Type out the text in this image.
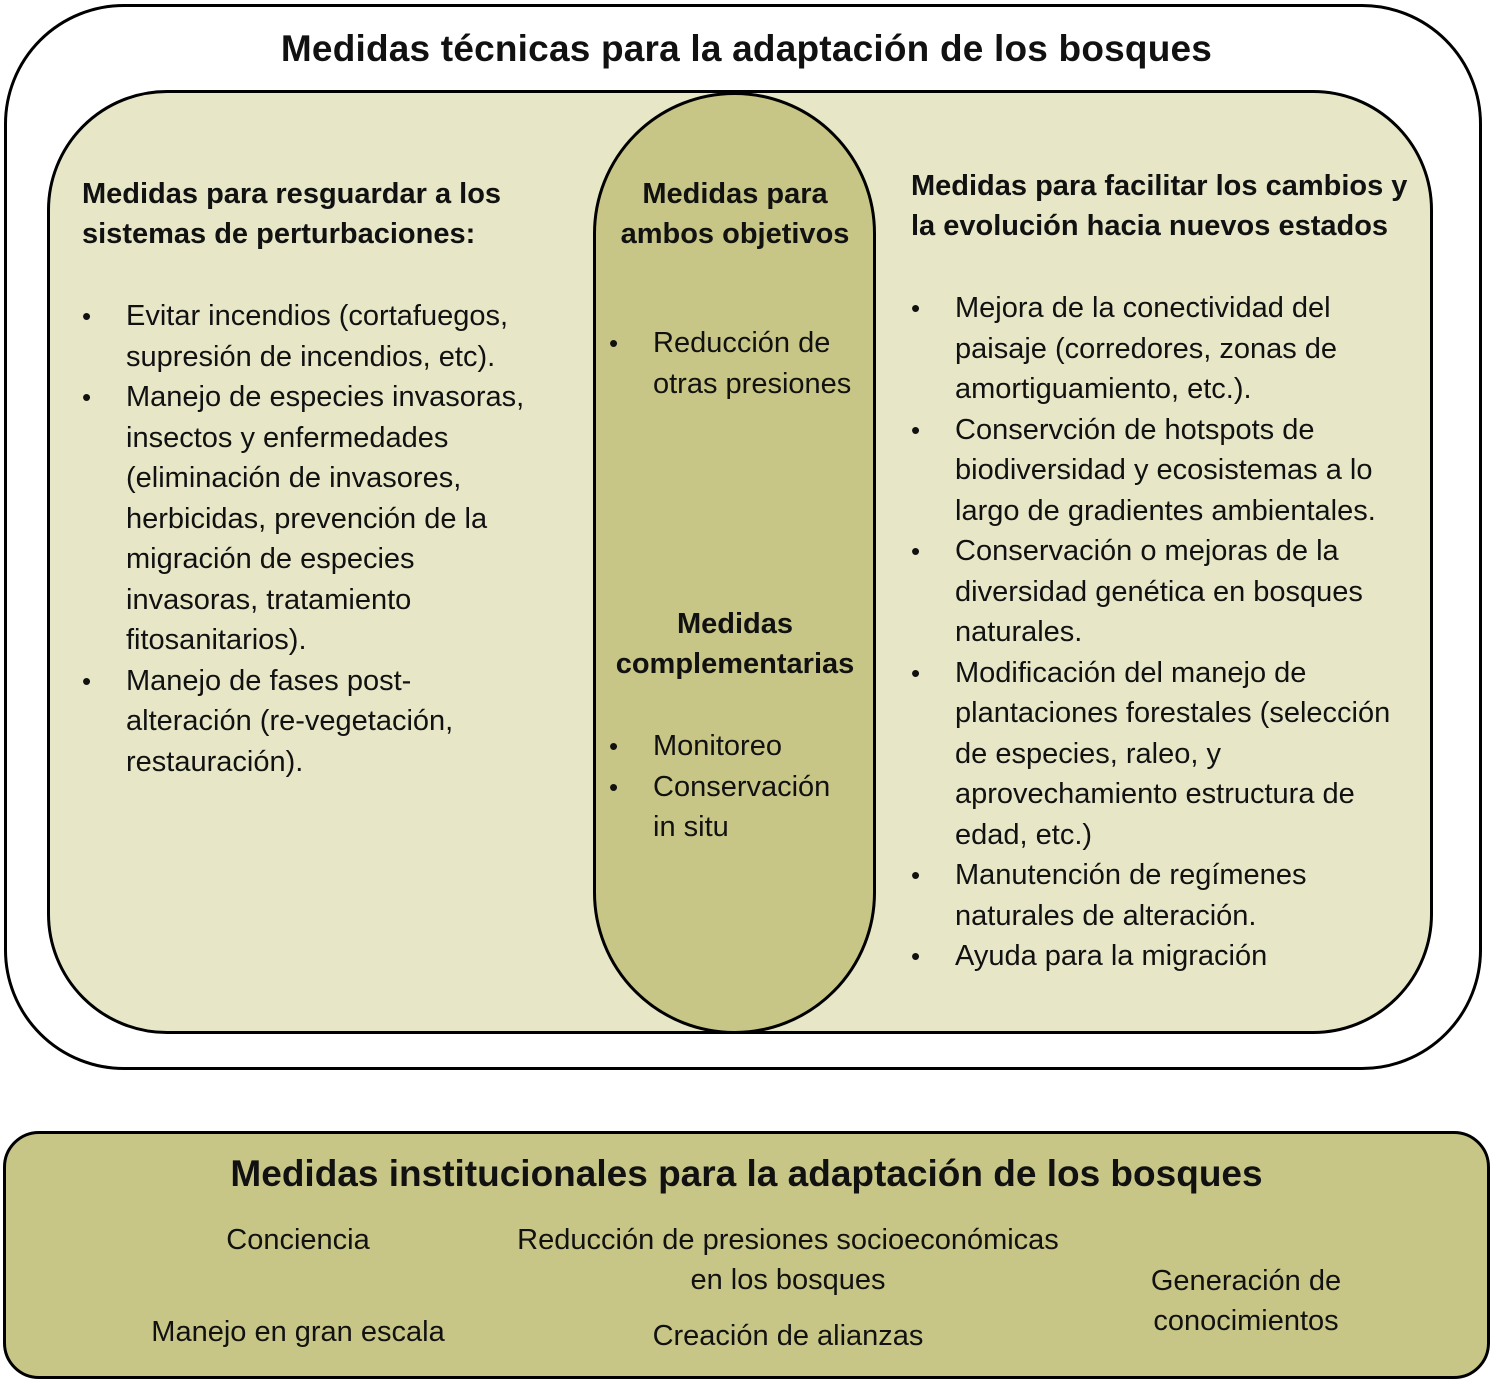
Medidas técnicas para la adaptación de los bosques
Medidas para resguardar a los
sistemas de perturbaciones:
• Evitar incendios (cortafuegos,
supresión de incendios, etc).
• Manejo de especies invasoras,
insectos y enfermedades
(eliminación de invasores,
herbicidas, prevención de la
migración de especies
invasoras, tratamiento
fitosanitarios).
• Manejo de fases post-
alteración (re-vegetación,
restauración).
Medidas para
ambos objetivos
• Reducción de
otras presiones
Medidas
complementarias
• Monitoreo
• Conservación
in situ
Medidas para facilitar los cambios y
la evolución hacia nuevos estados
• Mejora de la conectividad del
paisaje (corredores, zonas de
amortiguamiento, etc.).
• Conservción de hotspots de
biodiversidad y ecosistemas a lo
largo de gradientes ambientales.
• Conservación o mejoras de la
diversidad genética en bosques
naturales.
• Modificación del manejo de
plantaciones forestales (selección
de especies, raleo, y
aprovechamiento estructura de
edad, etc.)
• Manutención de regímenes
naturales de alteración.
• Ayuda para la migración
Medidas institucionales para la adaptación de los bosques
Conciencia	Reducción de presiones socioeconómicas
en los bosques	Generación de
conocimientos
Manejo en gran escala	Creación de alianzas
